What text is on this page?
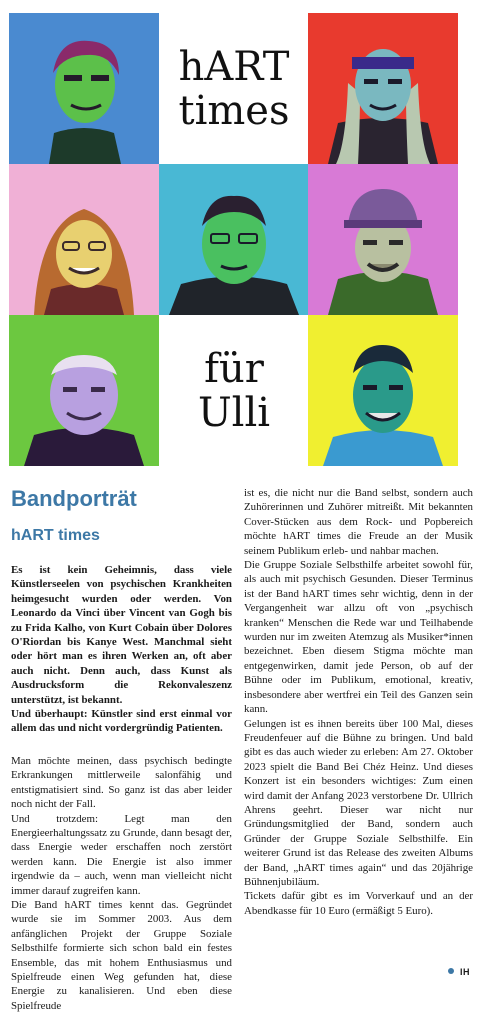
hART
times
für
Ulli
Bandporträt
hART times

Es ist kein Geheimnis, dass viele Künstlerseelen von psychischen Krankheiten heimgesucht wurden oder werden. Von Leonardo da Vinci über Vincent van Gogh bis zu Frida Kalho, von Kurt Cobain über Dolores O'Riordan bis Kanye West. Manchmal sieht oder hört man es ihren Werken an, oft aber auch nicht. Denn auch, dass Kunst als Ausdrucksform die Rekonvaleszenz unterstützt, ist bekannt.

Und überhaupt: Künstler sind erst einmal vor allem das und nicht vordergründig Patienten.

Man möchte meinen, dass psychisch bedingte Erkrankungen mittlerweile salonfähig und entstigmatisiert sind. So ganz ist das aber leider noch nicht der Fall.

Und trotzdem: Legt man den Energieerhaltungssatz zu Grunde, dann besagt der, dass Energie weder erschaffen noch zerstört werden kann. Die Energie ist also immer irgendwie da – auch, wenn man vielleicht nicht immer darauf zugreifen kann.

Die Band hART times kennt das. Gegründet wurde sie im Sommer 2003. Aus dem anfänglichen Projekt der Gruppe Soziale Selbsthilfe formierte sich schon bald ein festes Ensemble, das mit hohem Enthusiasmus und Spielfreude einen Weg gefunden hat, diese Energie zu kanalisieren. Und eben diese Spielfreude

ist es, die nicht nur die Band selbst, sondern auch Zuhörerinnen und Zuhörer mitreißt. Mit bekannten Cover-Stücken aus dem Rock- und Popbereich möchte hART times die Freude an der Musik seinem Publikum erleb- und nahbar machen.

Die Gruppe Soziale Selbsthilfe arbeitet sowohl für, als auch mit psychisch Gesunden. Dieser Terminus ist der Band hART times sehr wichtig, denn in der Vergangenheit war allzu oft von „psychisch kranken“ Menschen die Rede war und Teilhabende wurden nur im zweiten Atemzug als Musiker*innen bezeichnet. Eben diesem Stigma möchte man entgegenwirken, damit jede Person, ob auf der Bühne oder im Publikum, emotional, kreativ, insbesondere aber wertfrei ein Teil des Ganzen sein kann.

Gelungen ist es ihnen bereits über 100 Mal, dieses Freudenfeuer auf die Bühne zu bringen. Und bald gibt es das auch wieder zu erleben: Am 27. Oktober 2023 spielt die Band Bei Chéz Heinz. Und dieses Konzert ist ein besonders wichtiges: Zum einen wird damit der Anfang 2023 verstorbene Dr. Ullrich Ahrens geehrt. Dieser war nicht nur Gründungsmitglied der Band, sondern auch Gründer der Gruppe Soziale Selbsthilfe. Ein weiterer Grund ist das Release des zweiten Albums der Band, „hART times again“ und das 20jährige Bühnenjubiläum.

Tickets dafür gibt es im Vorverkauf und an der Abendkasse für 10 Euro (ermäßigt 5 Euro).

IH
